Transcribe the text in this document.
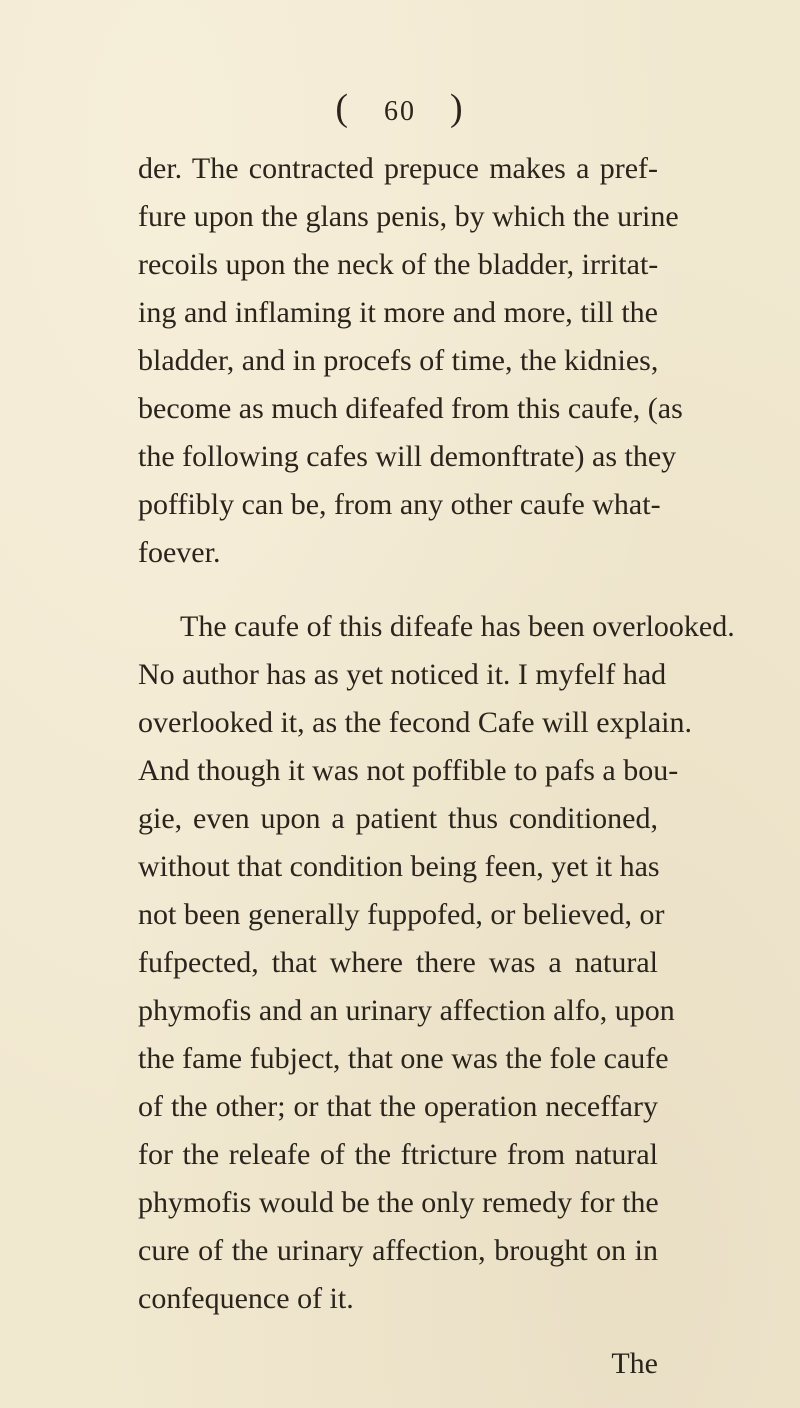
( 60 )
der. The contracted prepuce makes a pref-
fure upon the glans penis, by which the urine
recoils upon the neck of the bladder, irritat-
ing and inflaming it more and more, till the
bladder, and in procefs of time, the kidnies,
become as much difeafed from this caufe, (as
the following cafes will demonftrate) as they
poffibly can be, from any other caufe what-
foever.
The caufe of this difeafe has been overlooked.
No author has as yet noticed it. I myfelf had
overlooked it, as the fecond Cafe will explain.
And though it was not poffible to pafs a bou-
gie, even upon a patient thus conditioned,
without that condition being feen, yet it has
not been generally fuppofed, or believed, or
fufpected, that where there was a natural
phymofis and an urinary affection alfo, upon
the fame fubject, that one was the fole caufe
of the other; or that the operation neceffary
for the releafe of the ftricture from natural
phymofis would be the only remedy for the
cure of the urinary affection, brought on in
confequence of it.
The
